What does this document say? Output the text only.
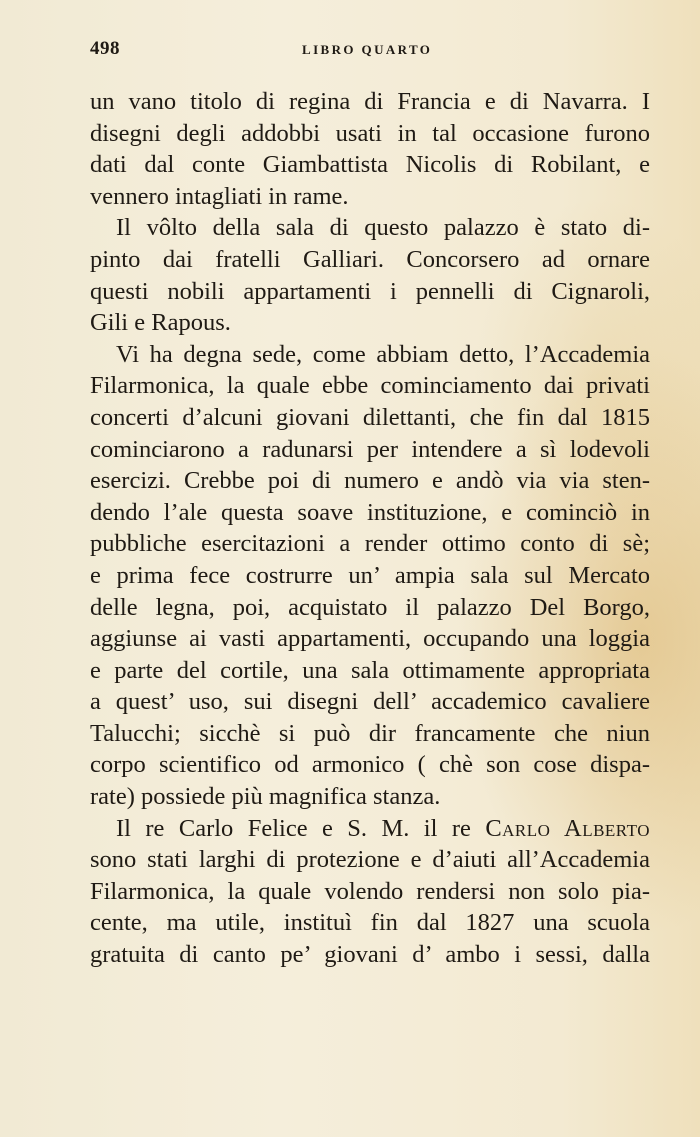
498	LIBRO QUARTO
un vano titolo di regina di Francia e di Navarra. I
disegni degli addobbi usati in tal occasione furono
dati dal conte Giambattista Nicolis di Robilant, e
vennero intagliati in rame.
Il vôlto della sala di questo palazzo è stato di-
pinto dai fratelli Galliari. Concorsero ad ornare
questi nobili appartamenti i pennelli di Cignaroli,
Gili e Rapous.
Vi ha degna sede, come abbiam detto, l’Accademia
Filarmonica, la quale ebbe cominciamento dai privati
concerti d’alcuni giovani dilettanti, che fin dal 1815
cominciarono a radunarsi per intendere a sì lodevoli
esercizi. Crebbe poi di numero e andò via via sten-
dendo l’ale questa soave instituzione, e cominciò in
pubbliche esercitazioni a render ottimo conto di sè;
e prima fece costrurre un’ ampia sala sul Mercato
delle legna, poi, acquistato il palazzo Del Borgo,
aggiunse ai vasti appartamenti, occupando una loggia
e parte del cortile, una sala ottimamente appropriata
a quest’ uso, sui disegni dell’ accademico cavaliere
Talucchi; sicchè si può dir francamente che niun
corpo scientifico od armonico ( chè son cose dispa-
rate) possiede più magnifica stanza.
Il re Carlo Felice e S. M. il re Carlo Alberto
sono stati larghi di protezione e d’aiuti all’Accademia
Filarmonica, la quale volendo rendersi non solo pia-
cente, ma utile, instituì fin dal 1827 una scuola
gratuita di canto pe’ giovani d’ ambo i sessi, dalla
